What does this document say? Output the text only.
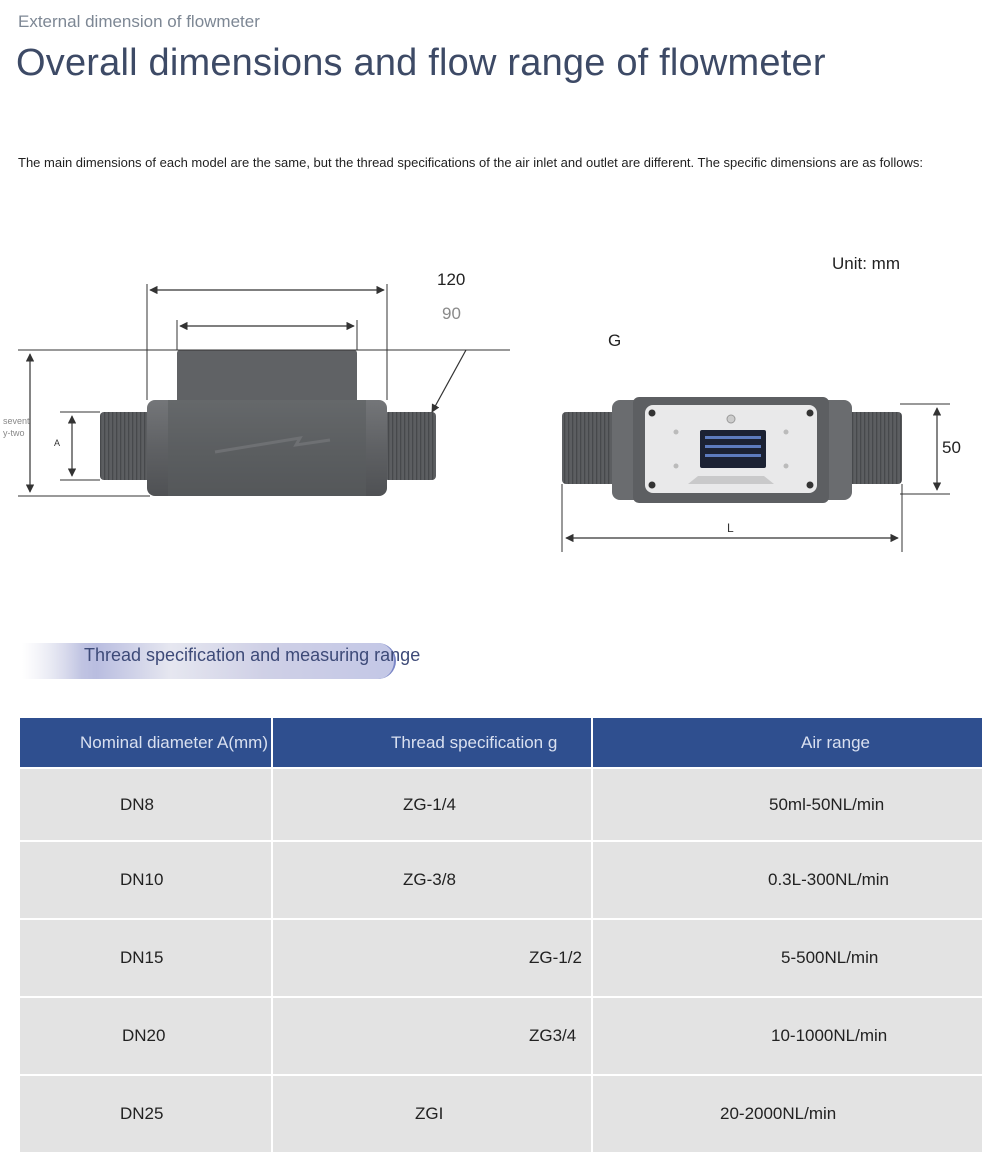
External dimension of flowmeter
Overall dimensions and flow range of flowmeter
The main dimensions of each model are the same, but the thread specifications of the air inlet and outlet are different. The specific dimensions are as follows:
Unit: mm
120
90
sevent
y-two
A
G
50
L
Thread specification and measuring range
Nominal diameter A(mm)	Thread specification g	Air range
DN8	ZG-1/4	50ml-50NL/min
DN10	ZG-3/8	0.3L-300NL/min
DN15	ZG-1/2	5-500NL/min
DN20	ZG3/4	10-1000NL/min
DN25	ZGI	20-2000NL/min
